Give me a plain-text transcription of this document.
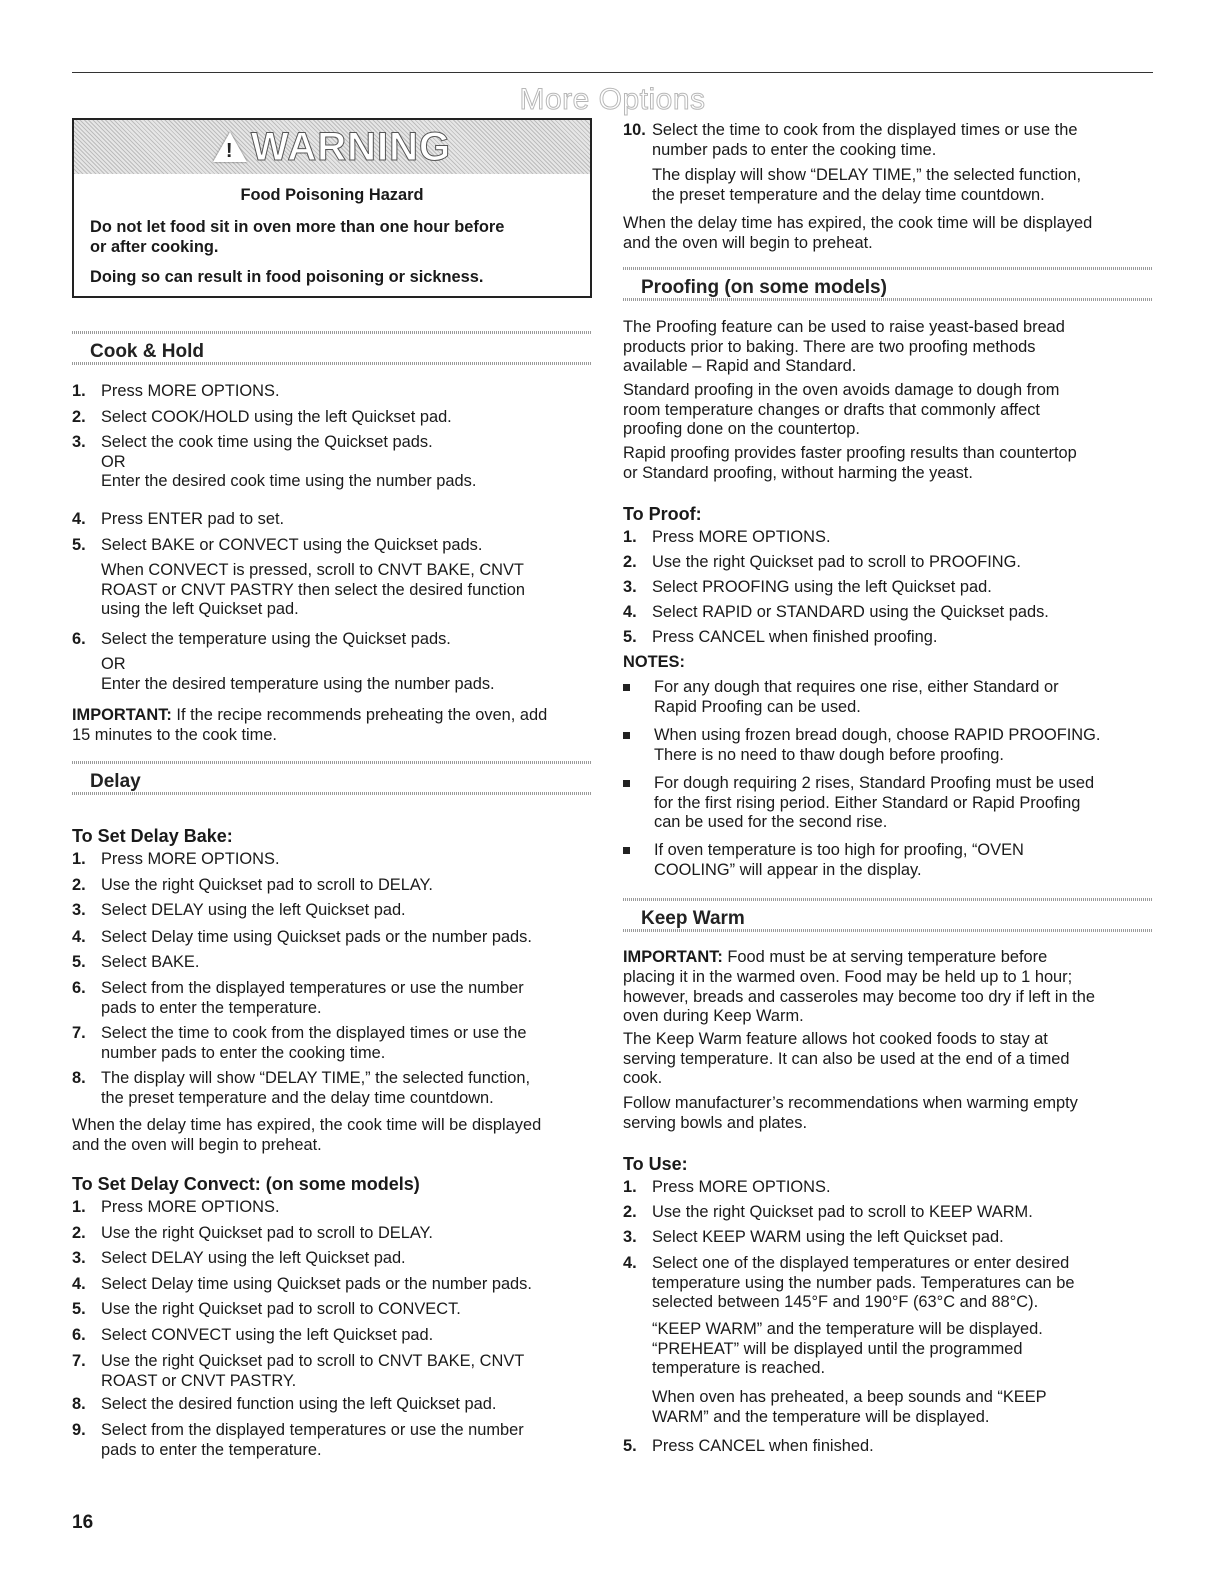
More Options
!
WARNING
Food Poisoning Hazard
Do not let food sit in oven more than one hour before
or after cooking.
Doing so can result in food poisoning or sickness.
Cook & Hold
1. Press MORE OPTIONS.
2. Select COOK/HOLD using the left Quickset pad.
3. Select the cook time using the Quickset pads.
OR
Enter the desired cook time using the number pads.
4. Press ENTER pad to set.
5. Select BAKE or CONVECT using the Quickset pads.
When CONVECT is pressed, scroll to CNVT BAKE, CNVT
ROAST or CNVT PASTRY then select the desired function
using the left Quickset pad.
6. Select the temperature using the Quickset pads.
OR
Enter the desired temperature using the number pads.
IMPORTANT: If the recipe recommends preheating the oven, add
15 minutes to the cook time.
Delay
To Set Delay Bake:
1. Press MORE OPTIONS.
2. Use the right Quickset pad to scroll to DELAY.
3. Select DELAY using the left Quickset pad.
4. Select Delay time using Quickset pads or the number pads.
5. Select BAKE.
6. Select from the displayed temperatures or use the number
pads to enter the temperature.
7. Select the time to cook from the displayed times or use the
number pads to enter the cooking time.
8. The display will show “DELAY TIME,” the selected function,
the preset temperature and the delay time countdown.
When the delay time has expired, the cook time will be displayed
and the oven will begin to preheat.
To Set Delay Convect: (on some models)
1. Press MORE OPTIONS.
2. Use the right Quickset pad to scroll to DELAY.
3. Select DELAY using the left Quickset pad.
4. Select Delay time using Quickset pads or the number pads.
5. Use the right Quickset pad to scroll to CONVECT.
6. Select CONVECT using the left Quickset pad.
7. Use the right Quickset pad to scroll to CNVT BAKE, CNVT
ROAST or CNVT PASTRY.
8. Select the desired function using the left Quickset pad.
9. Select from the displayed temperatures or use the number
pads to enter the temperature.
10. Select the time to cook from the displayed times or use the
number pads to enter the cooking time.
The display will show “DELAY TIME,” the selected function,
the preset temperature and the delay time countdown.
When the delay time has expired, the cook time will be displayed
and the oven will begin to preheat.
Proofing (on some models)
The Proofing feature can be used to raise yeast-based bread
products prior to baking. There are two proofing methods
available – Rapid and Standard.
Standard proofing in the oven avoids damage to dough from
room temperature changes or drafts that commonly affect
proofing done on the countertop.
Rapid proofing provides faster proofing results than countertop
or Standard proofing, without harming the yeast.
To Proof:
1. Press MORE OPTIONS.
2. Use the right Quickset pad to scroll to PROOFING.
3. Select PROOFING using the left Quickset pad.
4. Select RAPID or STANDARD using the Quickset pads.
5. Press CANCEL when finished proofing.
NOTES:
For any dough that requires one rise, either Standard or
Rapid Proofing can be used.
When using frozen bread dough, choose RAPID PROOFING.
There is no need to thaw dough before proofing.
For dough requiring 2 rises, Standard Proofing must be used
for the first rising period. Either Standard or Rapid Proofing
can be used for the second rise.
If oven temperature is too high for proofing, “OVEN
COOLING” will appear in the display.
Keep Warm
IMPORTANT: Food must be at serving temperature before
placing it in the warmed oven. Food may be held up to 1 hour;
however, breads and casseroles may become too dry if left in the
oven during Keep Warm.
The Keep Warm feature allows hot cooked foods to stay at
serving temperature. It can also be used at the end of a timed
cook.
Follow manufacturer’s recommendations when warming empty
serving bowls and plates.
To Use:
1. Press MORE OPTIONS.
2. Use the right Quickset pad to scroll to KEEP WARM.
3. Select KEEP WARM using the left Quickset pad.
4. Select one of the displayed temperatures or enter desired
temperature using the number pads. Temperatures can be
selected between 145°F and 190°F (63°C and 88°C).
“KEEP WARM” and the temperature will be displayed.
“PREHEAT” will be displayed until the programmed
temperature is reached.
When oven has preheated, a beep sounds and “KEEP
WARM” and the temperature will be displayed.
5. Press CANCEL when finished.
16
